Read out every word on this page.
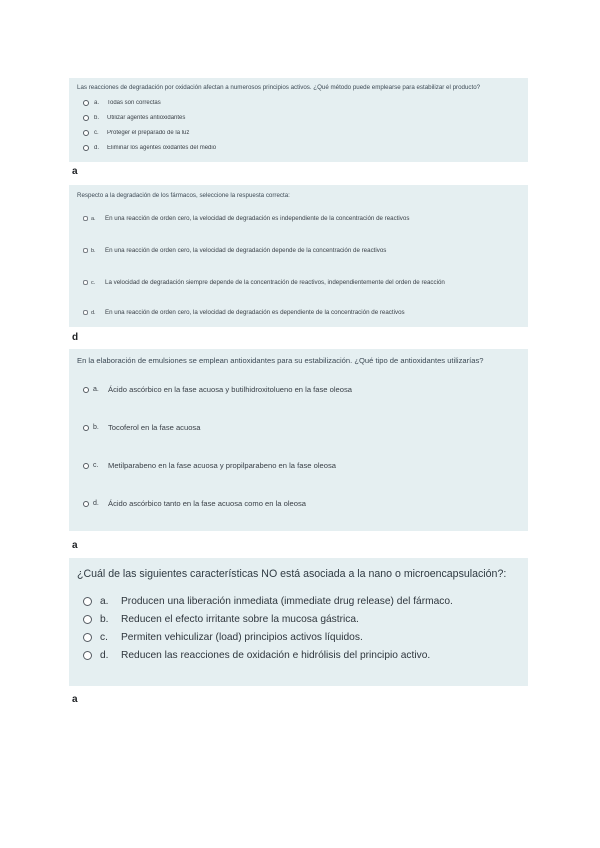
Las reacciones de degradación por oxidación afectan a numerosos principios activos. ¿Qué método puede emplearse para estabilizar el producto?
a.	Todas son correctas
b.	Utilizar agentes antioxidantes
c.	Proteger el preparado de la luz
d.	Eliminar los agentes oxidantes del medio
a
Respecto a la degradación de los fármacos, seleccione la respuesta correcta:
a.	En una reacción de orden cero, la velocidad de degradación es independiente de la concentración de reactivos
b.	En una reacción de orden cero, la velocidad de degradación depende de la concentración de reactivos
c.	La velocidad de degradación siempre depende de la concentración de reactivos, independientemente del orden de reacción
d.	En una reacción de orden cero, la velocidad de degradación es dependiente de la concentración de reactivos
d
En la elaboración de emulsiones se emplean antioxidantes para su estabilización. ¿Qué tipo de antioxidantes utilizarías?
a.	Ácido ascórbico en la fase acuosa y butilhidroxitolueno en la fase oleosa
b.	Tocoferol en la fase acuosa
c.	Metilparabeno en la fase acuosa y propilparabeno en la fase oleosa
d.	Ácido ascórbico tanto en la fase acuosa como en la oleosa
a
¿Cuál de las siguientes características NO está asociada a la nano o microencapsulación?:
a.	Producen una liberación inmediata (immediate drug release) del fármaco.
b.	Reducen el efecto irritante sobre la mucosa gástrica.
c.	Permiten vehiculizar (load) principios activos líquidos.
d.	Reducen las reacciones de oxidación e hidrólisis del principio activo.
a
